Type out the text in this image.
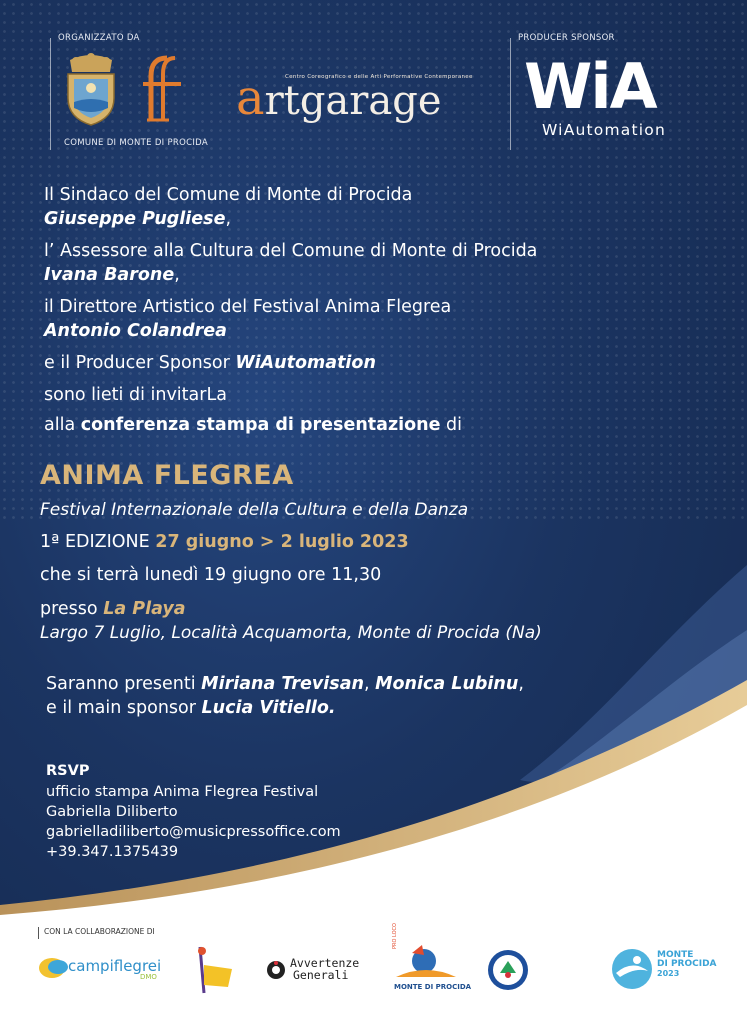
ORGANIZZATO DA
COMUNE DI MONTE DI PROCIDA
Centro Coreografico e delle Arti Performative Contemporanee
artgarage
PRODUCER SPONSOR
WiA
WiAutomation
Il Sindaco del Comune di Monte di Procida
Giuseppe Pugliese,
l’ Assessore alla Cultura del Comune di Monte di Procida
Ivana Barone,
il Direttore Artistico del Festival Anima Flegrea
Antonio Colandrea
e il Producer Sponsor WiAutomation
sono lieti di invitarLa
alla conferenza stampa di presentazione di
ANIMA FLEGREA
Festival Internazionale della Cultura e della Danza
1ª EDIZIONE 27 giugno > 2 luglio 2023
che si terrà lunedì 19 giugno ore 11,30
presso La Playa
Largo 7 Luglio, Località Acquamorta, Monte di Procida (Na)
Saranno presenti Miriana Trevisan, Monica Lubinu,
e il main sponsor Lucia Vitiello.
RSVP
ufficio stampa Anima Flegrea Festival
Gabriella Diliberto
gabrielladiliberto@musicpressoffice.com
+39.347.1375439
CON LA COLLABORAZIONE DI
campiflegrei
DMO
Avvertenze
Generali
MONTE DI PROCIDA
PRO LOCO
MONTE
DI PROCIDA
2023
